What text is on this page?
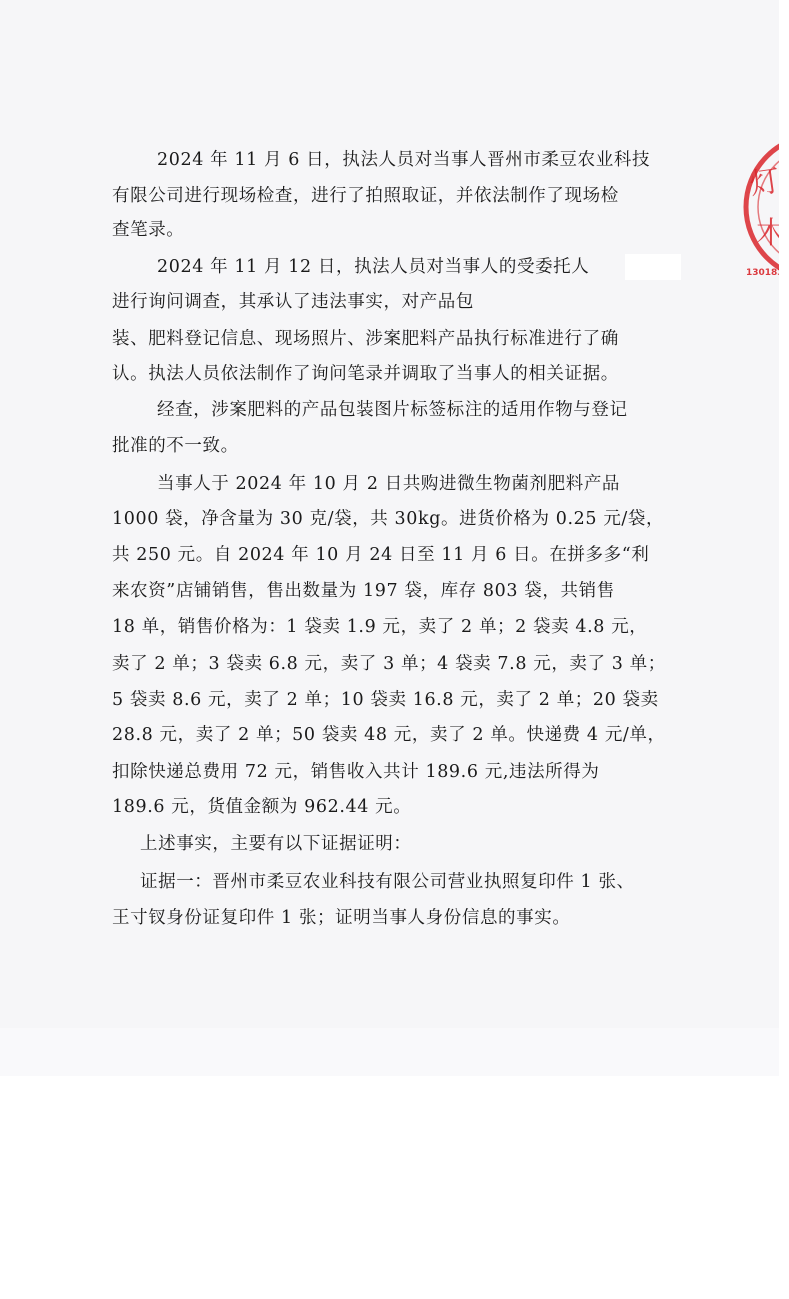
2024 年 11 月 6 日，执法人员对当事人晋州市柔豆农业科技
有限公司进行现场检查，进行了拍照取证，并依法制作了现场检
查笔录。
2024 年 11 月 12 日，执法人员对当事人的受委托人
进行询问调查，其承认了违法事实，对产品包
装、肥料登记信息、现场照片、涉案肥料产品执行标准进行了确
认。执法人员依法制作了询问笔录并调取了当事人的相关证据。
经查，涉案肥料的产品包装图片标签标注的适用作物与登记
批准的不一致。
当事人于 2024 年 10 月 2 日共购进微生物菌剂肥料产品
1000 袋，净含量为 30 克/袋，共 30kg。进货价格为 0.25 元/袋，
共 250 元。自 2024 年 10 月 24 日至 11 月 6 日。在拼多多“利
来农资”店铺销售，售出数量为 197 袋，库存 803 袋，共销售
18 单，销售价格为：1 袋卖 1.9 元，卖了 2 单；2 袋卖 4.8 元，
卖了 2 单；3 袋卖 6.8 元，卖了 3 单；4 袋卖 7.8 元，卖了 3 单；
5 袋卖 8.6 元，卖了 2 单；10 袋卖 16.8 元，卖了 2 单；20 袋卖
28.8 元，卖了 2 单；50 袋卖 48 元，卖了 2 单。快递费 4 元/单，
扣除快递总费用 72 元，销售收入共计 189.6 元,违法所得为
189.6 元，货值金额为 962.44 元。
上述事实，主要有以下证据证明：
证据一：晋州市柔豆农业科技有限公司营业执照复印件 1 张、
王寸钗身份证复印件 1 张；证明当事人身份信息的事实。
灯
木
130183
